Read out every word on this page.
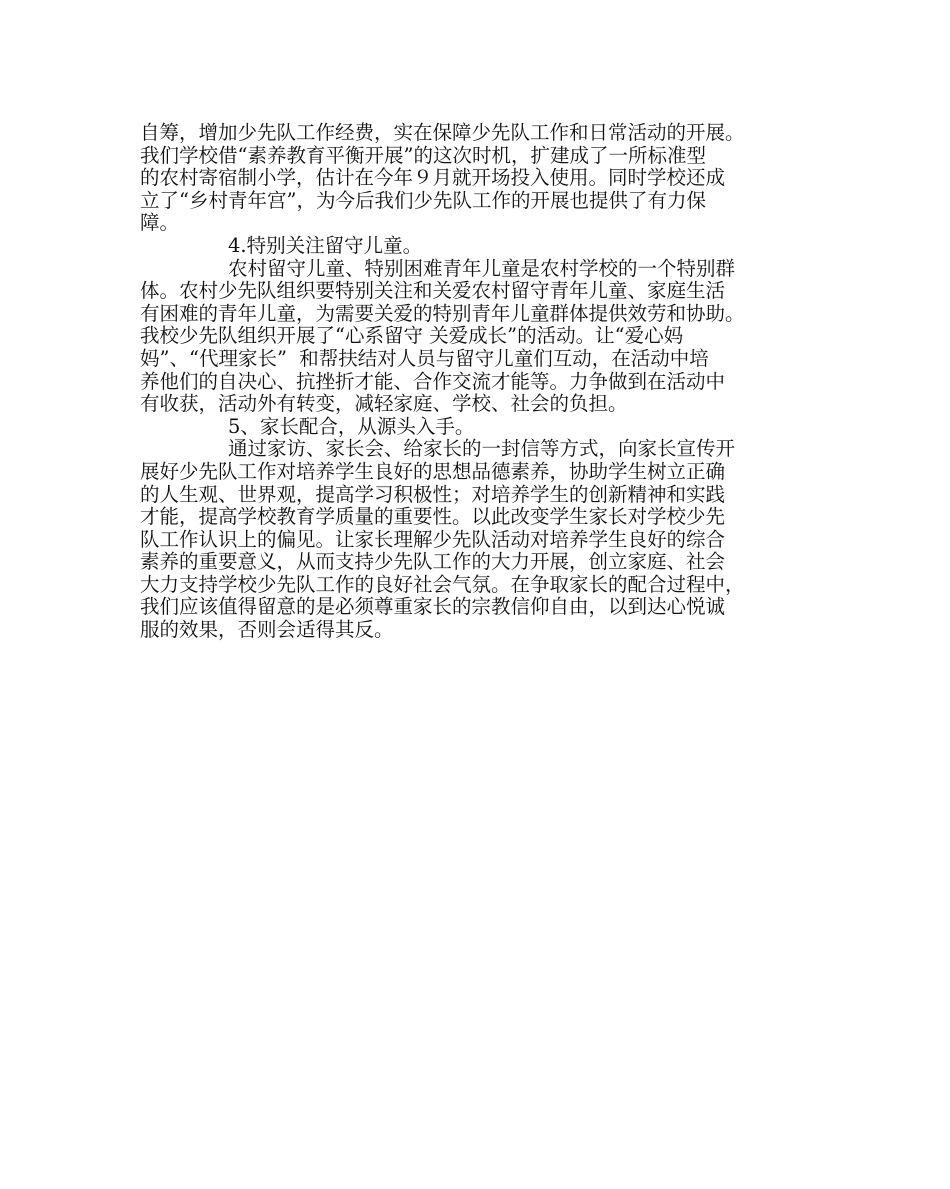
自筹，增加少先队工作经费，实在保障少先队工作和日常活动的开展。
我们学校借“素养教育平衡开展”的这次时机，扩建成了一所标准型
的农村寄宿制小学，估计在今年９月就开场投入使用。同时学校还成
立了“乡村青年宫”，为今后我们少先队工作的开展也提供了有力保
障。
4.特别关注留守儿童。
农村留守儿童、特别困难青年儿童是农村学校的一个特别群
体。农村少先队组织要特别关注和关爱农村留守青年儿童、家庭生活
有困难的青年儿童，为需要关爱的特别青年儿童群体提供效劳和协助。
我校少先队组织开展了“心系留守 关爱成长”的活动。让“爱心妈
妈”、“代理家长”  和帮扶结对人员与留守儿童们互动，在活动中培
养他们的自决心、抗挫折才能、合作交流才能等。力争做到在活动中
有收获，活动外有转变，减轻家庭、学校、社会的负担。
5、家长配合，从源头入手。
通过家访、家长会、给家长的一封信等方式，向家长宣传开
展好少先队工作对培养学生良好的思想品德素养，协助学生树立正确
的人生观、世界观，提高学习积极性；对培养学生的创新精神和实践
才能，提高学校教育学质量的重要性。以此改变学生家长对学校少先
队工作认识上的偏见。让家长理解少先队活动对培养学生良好的综合
素养的重要意义，从而支持少先队工作的大力开展，创立家庭、社会
大力支持学校少先队工作的良好社会气氛。在争取家长的配合过程中，
我们应该值得留意的是必须尊重家长的宗教信仰自由，以到达心悦诚
服的效果，否则会适得其反。
